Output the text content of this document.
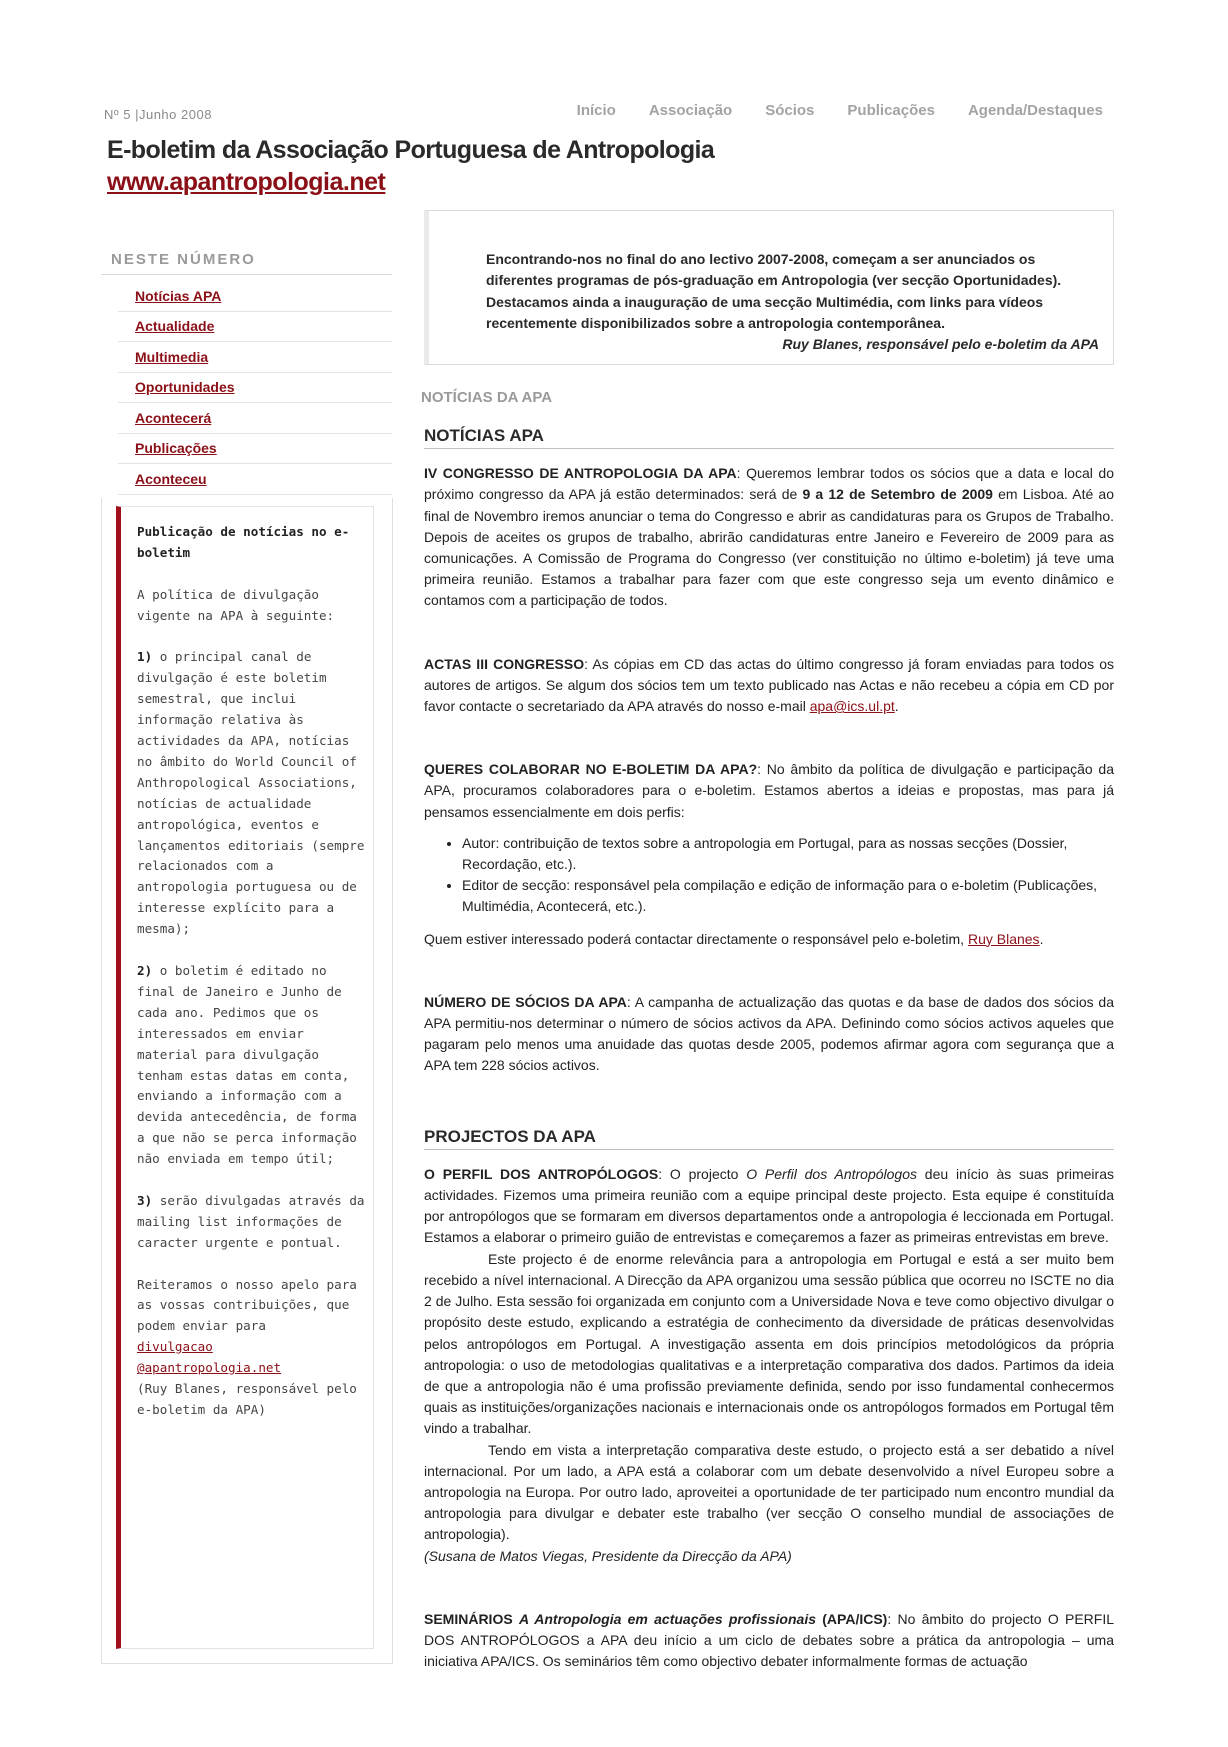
Nº 5 |Junho 2008	Início Associação Sócios Publicações Agenda/Destaques
E-boletim da Associação Portuguesa de Antropologia
www.apantropologia.net
NESTE NÚMERO
Notícias APA
Actualidade
Multimedia
Oportunidades
Acontecerá
Publicações
Aconteceu

Publicação de notícias no e-boletim

A política de divulgação vigente na APA à seguinte:

1) o principal canal de divulgação é este boletim semestral, que inclui informação relativa às actividades da APA, notícias no âmbito do World Council of Anthropological Associations, notícias de actualidade antropológica, eventos e lançamentos editoriais (sempre relacionados com a antropologia portuguesa ou de interesse explícito para a mesma);

2) o boletim é editado no final de Janeiro e Junho de cada ano. Pedimos que os interessados em enviar material para divulgação tenham estas datas em conta, enviando a informação com a devida antecedência, de forma a que não se perca informação não enviada em tempo útil;

3) serão divulgadas através da mailing list informações de caracter urgente e pontual.

Reiteramos o nosso apelo para as vossas contribuições, que podem enviar para
divulgacao
@apantropologia.net
(Ruy Blanes, responsável pelo e-boletim da APA)

Encontrando-nos no final do ano lectivo 2007-2008, começam a ser anunciados os diferentes programas de pós-graduação em Antropologia (ver secção Oportunidades). Destacamos ainda a inauguração de uma secção Multimédia, com links para vídeos recentemente disponibilizados sobre a antropologia contemporânea.
Ruy Blanes, responsável pelo e-boletim da APA
NOTÍCIAS DA APA
NOTÍCIAS APA

IV CONGRESSO DE ANTROPOLOGIA DA APA: Queremos lembrar todos os sócios que a data e local do próximo congresso da APA já estão determinados: será de 9 a 12 de Setembro de 2009 em Lisboa. Até ao final de Novembro iremos anunciar o tema do Congresso e abrir as candidaturas para os Grupos de Trabalho. Depois de aceites os grupos de trabalho, abrirão candidaturas entre Janeiro e Fevereiro de 2009 para as comunicações. A Comissão de Programa do Congresso (ver constituição no último e-boletim) já teve uma primeira reunião. Estamos a trabalhar para fazer com que este congresso seja um evento dinâmico e contamos com a participação de todos.

ACTAS III CONGRESSO: As cópias em CD das actas do último congresso já foram enviadas para todos os autores de artigos. Se algum dos sócios tem um texto publicado nas Actas e não recebeu a cópia em CD por favor contacte o secretariado da APA através do nosso e-mail apa@ics.ul.pt.

QUERES COLABORAR NO E-BOLETIM DA APA?: No âmbito da política de divulgação e participação da APA, procuramos colaboradores para o e-boletim. Estamos abertos a ideias e propostas, mas para já pensamos essencialmente em dois perfis:

• Autor: contribuição de textos sobre a antropologia em Portugal, para as nossas secções (Dossier, Recordação, etc.).
• Editor de secção: responsável pela compilação e edição de informação para o e-boletim (Publicações, Multimédia, Acontecerá, etc.).

Quem estiver interessado poderá contactar directamente o responsável pelo e-boletim, Ruy Blanes.

NÚMERO DE SÓCIOS DA APA: A campanha de actualização das quotas e da base de dados dos sócios da APA permitiu-nos determinar o número de sócios activos da APA. Definindo como sócios activos aqueles que pagaram pelo menos uma anuidade das quotas desde 2005, podemos afirmar agora com segurança que a APA tem 228 sócios activos.

PROJECTOS DA APA

O PERFIL DOS ANTROPÓLOGOS: O projecto O Perfil dos Antropólogos deu início às suas primeiras actividades. Fizemos uma primeira reunião com a equipe principal deste projecto. Esta equipe é constituída por antropólogos que se formaram em diversos departamentos onde a antropologia é leccionada em Portugal. Estamos a elaborar o primeiro guião de entrevistas e começaremos a fazer as primeiras entrevistas em breve.

Este projecto é de enorme relevância para a antropologia em Portugal e está a ser muito bem recebido a nível internacional. A Direcção da APA organizou uma sessão pública que ocorreu no ISCTE no dia 2 de Julho. Esta sessão foi organizada em conjunto com a Universidade Nova e teve como objectivo divulgar o propósito deste estudo, explicando a estratégia de conhecimento da diversidade de práticas desenvolvidas pelos antropólogos em Portugal. A investigação assenta em dois princípios metodológicos da própria antropologia: o uso de metodologias qualitativas e a interpretação comparativa dos dados. Partimos da ideia de que a antropologia não é uma profissão previamente definida, sendo por isso fundamental conhecermos quais as instituições/organizações nacionais e internacionais onde os antropólogos formados em Portugal têm vindo a trabalhar.

Tendo em vista a interpretação comparativa deste estudo, o projecto está a ser debatido a nível internacional. Por um lado, a APA está a colaborar com um debate desenvolvido a nível Europeu sobre a antropologia na Europa. Por outro lado, aproveitei a oportunidade de ter participado num encontro mundial da antropologia para divulgar e debater este trabalho (ver secção O conselho mundial de associações de antropologia).

(Susana de Matos Viegas, Presidente da Direcção da APA)

SEMINÁRIOS A Antropologia em actuações profissionais (APA/ICS): No âmbito do projecto O PERFIL DOS ANTROPÓLOGOS a APA deu início a um ciclo de debates sobre a prática da antropologia – uma iniciativa APA/ICS. Os seminários têm como objectivo debater informalmente formas de actuação
